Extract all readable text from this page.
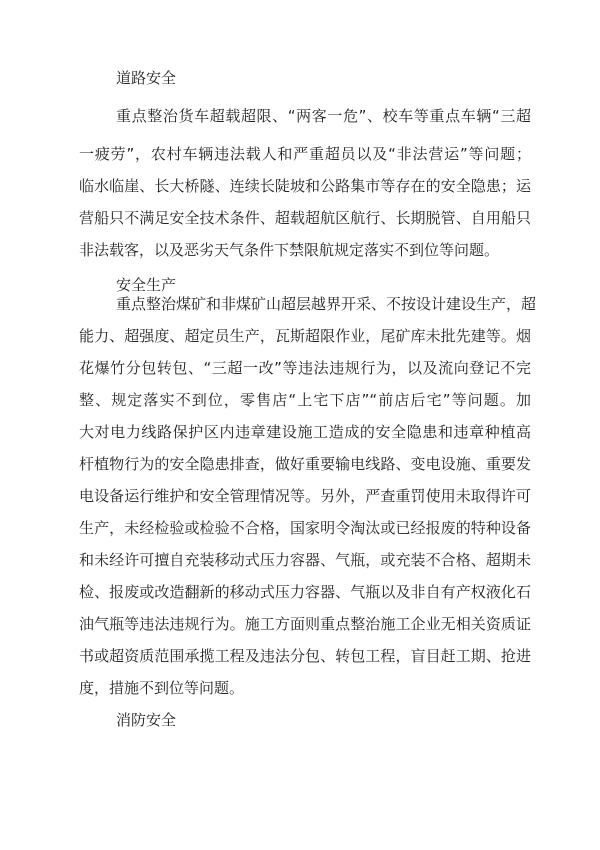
道路安全
重点整治货车超载超限、“两客一危”、校车等重点车辆“三超
一疲劳”，农村车辆违法载人和严重超员以及“非法营运”等问题；
临水临崖、长大桥隧、连续长陡坡和公路集市等存在的安全隐患；运
营船只不满足安全技术条件、超载超航区航行、长期脱管、自用船只
非法载客，以及恶劣天气条件下禁限航规定落实不到位等问题。
安全生产
重点整治煤矿和非煤矿山超层越界开采、不按设计建设生产，超
能力、超强度、超定员生产，瓦斯超限作业，尾矿库未批先建等。烟
花爆竹分包转包、“三超一改”等违法违规行为，以及流向登记不完
整、规定落实不到位，零售店“上宅下店”“前店后宅”等问题。加
大对电力线路保护区内违章建设施工造成的安全隐患和违章种植高
杆植物行为的安全隐患排查，做好重要输电线路、变电设施、重要发
电设备运行维护和安全管理情况等。另外，严查重罚使用未取得许可
生产，未经检验或检验不合格，国家明令淘汰或已经报废的特种设备
和未经许可擅自充装移动式压力容器、气瓶，或充装不合格、超期未
检、报废或改造翻新的移动式压力容器、气瓶以及非自有产权液化石
油气瓶等违法违规行为。施工方面则重点整治施工企业无相关资质证
书或超资质范围承揽工程及违法分包、转包工程，盲目赶工期、抢进
度，措施不到位等问题。
消防安全
